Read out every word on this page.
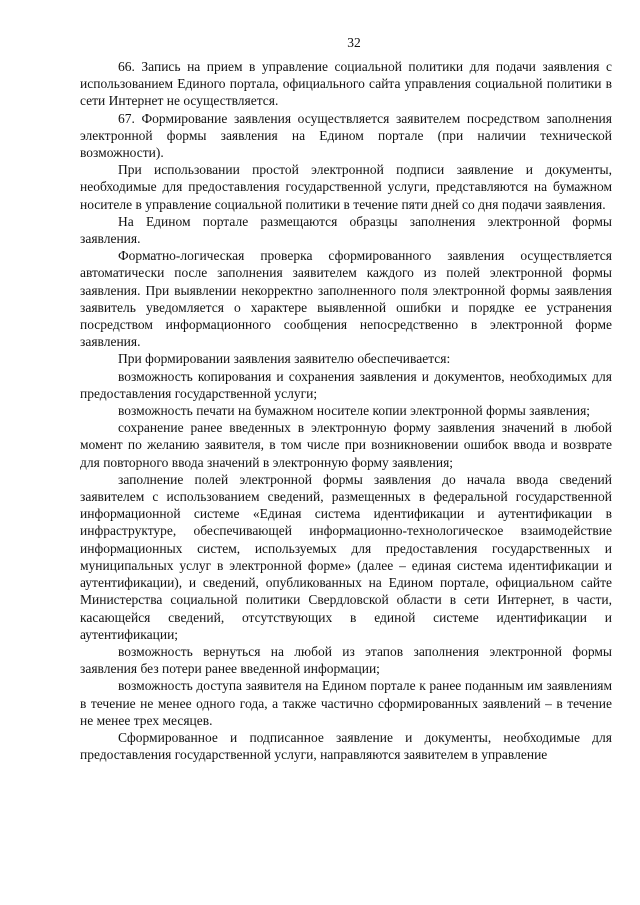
32

66. Запись на прием в управление социальной политики для подачи заявления с использованием Единого портала, официального сайта управления социальной политики в сети Интернет не осуществляется.

67. Формирование заявления осуществляется заявителем посредством заполнения электронной формы заявления на Едином портале (при наличии технической возможности).

При использовании простой электронной подписи заявление и документы, необходимые для предоставления государственной услуги, представляются на бумажном носителе в управление социальной политики в течение пяти дней со дня подачи заявления.

На Едином портале размещаются образцы заполнения электронной формы заявления.

Форматно-логическая проверка сформированного заявления осуществляется автоматически после заполнения заявителем каждого из полей электронной формы заявления. При выявлении некорректно заполненного поля электронной формы заявления заявитель уведомляется о характере выявленной ошибки и порядке ее устранения посредством информационного сообщения непосредственно в электронной форме заявления.

При формировании заявления заявителю обеспечивается:

возможность копирования и сохранения заявления и документов, необходимых для предоставления государственной услуги;

возможность печати на бумажном носителе копии электронной формы заявления;

сохранение ранее введенных в электронную форму заявления значений в любой момент по желанию заявителя, в том числе при возникновении ошибок ввода и возврате для повторного ввода значений в электронную форму заявления;

заполнение полей электронной формы заявления до начала ввода сведений заявителем с использованием сведений, размещенных в федеральной государственной информационной системе «Единая система идентификации и аутентификации в инфраструктуре, обеспечивающей информационно-технологическое взаимодействие информационных систем, используемых для предоставления государственных и муниципальных услуг в электронной форме» (далее – единая система идентификации и аутентификации), и сведений, опубликованных на Едином портале, официальном сайте Министерства социальной политики Свердловской области в сети Интернет, в части, касающейся сведений, отсутствующих в единой системе идентификации и аутентификации;

возможность вернуться на любой из этапов заполнения электронной формы заявления без потери ранее введенной информации;

возможность доступа заявителя на Едином портале к ранее поданным им заявлениям в течение не менее одного года, а также частично сформированных заявлений – в течение не менее трех месяцев.

Сформированное и подписанное заявление и документы, необходимые для предоставления государственной услуги, направляются заявителем в управление
